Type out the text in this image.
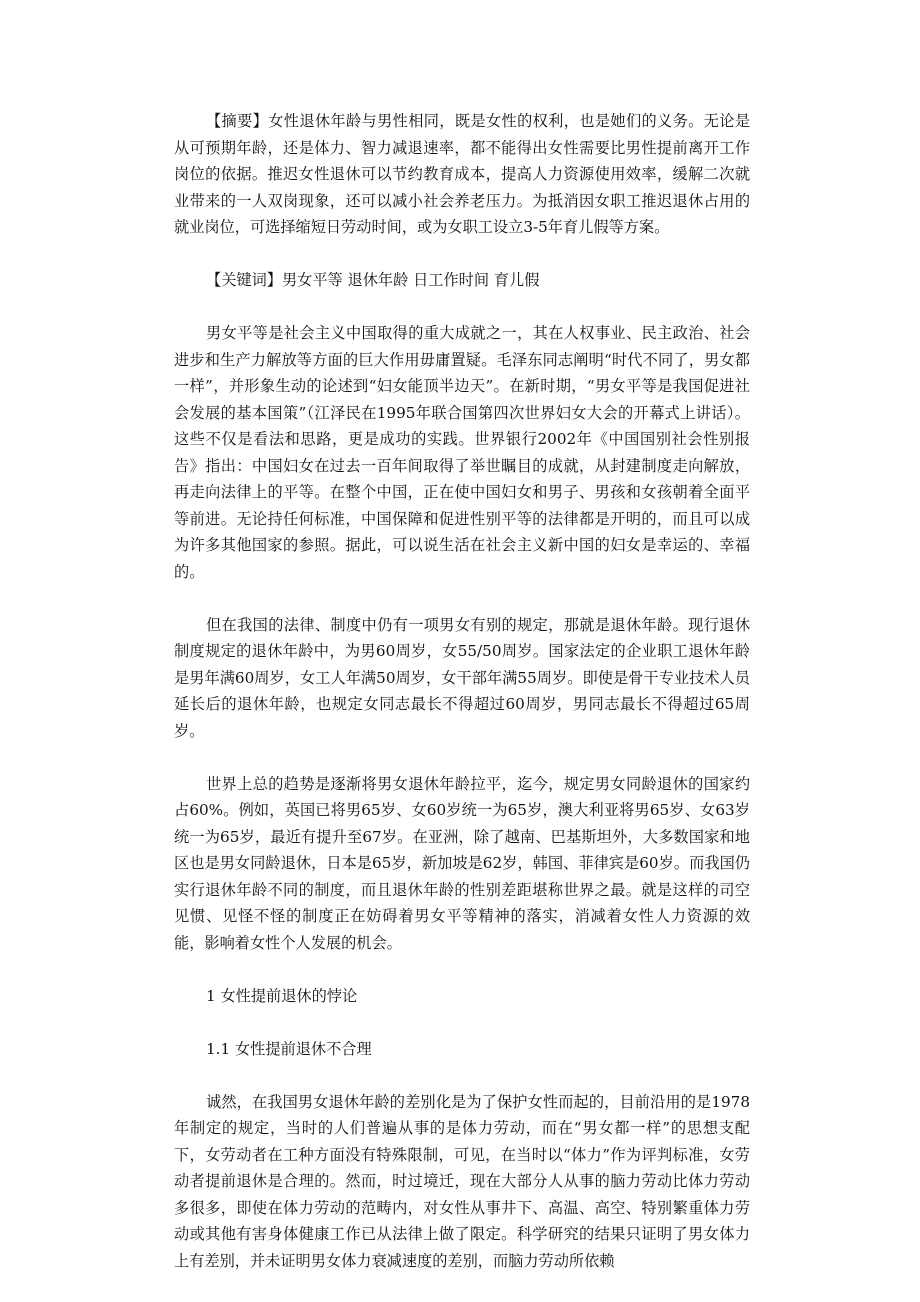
【摘要】女性退休年龄与男性相同，既是女性的权利，也是她们的义务。无论是从可预期年龄，还是体力、智力减退速率，都不能得出女性需要比男性提前离开工作岗位的依据。推迟女性退休可以节约教育成本，提高人力资源使用效率，缓解二次就业带来的一人双岗现象，还可以减小社会养老压力。为抵消因女职工推迟退休占用的就业岗位，可选择缩短日劳动时间，或为女职工设立3-5年育儿假等方案。

【关键词】男女平等 退休年龄 日工作时间 育儿假

男女平等是社会主义中国取得的重大成就之一，其在人权事业、民主政治、社会进步和生产力解放等方面的巨大作用毋庸置疑。毛泽东同志阐明“时代不同了，男女都一样”，并形象生动的论述到“妇女能顶半边天”。在新时期，“男女平等是我国促进社会发展的基本国策”（江泽民在1995年联合国第四次世界妇女大会的开幕式上讲话）。这些不仅是看法和思路，更是成功的实践。世界银行2002年《中国国别社会性别报告》指出：中国妇女在过去一百年间取得了举世瞩目的成就，从封建制度走向解放，再走向法律上的平等。在整个中国，正在使中国妇女和男子、男孩和女孩朝着全面平等前进。无论持任何标准，中国保障和促进性别平等的法律都是开明的，而且可以成为许多其他国家的参照。据此，可以说生活在社会主义新中国的妇女是幸运的、幸福的。

但在我国的法律、制度中仍有一项男女有别的规定，那就是退休年龄。现行退休制度规定的退休年龄中，为男60周岁，女55/50周岁。国家法定的企业职工退休年龄是男年满60周岁，女工人年满50周岁，女干部年满55周岁。即使是骨干专业技术人员延长后的退休年龄，也规定女同志最长不得超过60周岁，男同志最长不得超过65周岁。

世界上总的趋势是逐渐将男女退休年龄拉平，迄今，规定男女同龄退休的国家约占60%。例如，英国已将男65岁、女60岁统一为65岁，澳大利亚将男65岁、女63岁统一为65岁，最近有提升至67岁。在亚洲，除了越南、巴基斯坦外，大多数国家和地区也是男女同龄退休，日本是65岁，新加坡是62岁，韩国、菲律宾是60岁。而我国仍实行退休年龄不同的制度，而且退休年龄的性别差距堪称世界之最。就是这样的司空见惯、见怪不怪的制度正在妨碍着男女平等精神的落实，消减着女性人力资源的效能，影响着女性个人发展的机会。

1 女性提前退休的悖论

1.1 女性提前退休不合理

诚然，在我国男女退休年龄的差别化是为了保护女性而起的，目前沿用的是1978年制定的规定，当时的人们普遍从事的是体力劳动，而在“男女都一样”的思想支配下，女劳动者在工种方面没有特殊限制，可见，在当时以“体力”作为评判标准，女劳动者提前退休是合理的。然而，时过境迁，现在大部分人从事的脑力劳动比体力劳动多很多，即使在体力劳动的范畴内，对女性从事井下、高温、高空、特别繁重体力劳动或其他有害身体健康工作已从法律上做了限定。科学研究的结果只证明了男女体力上有差别，并未证明男女体力衰减速度的差别，而脑力劳动所依赖
